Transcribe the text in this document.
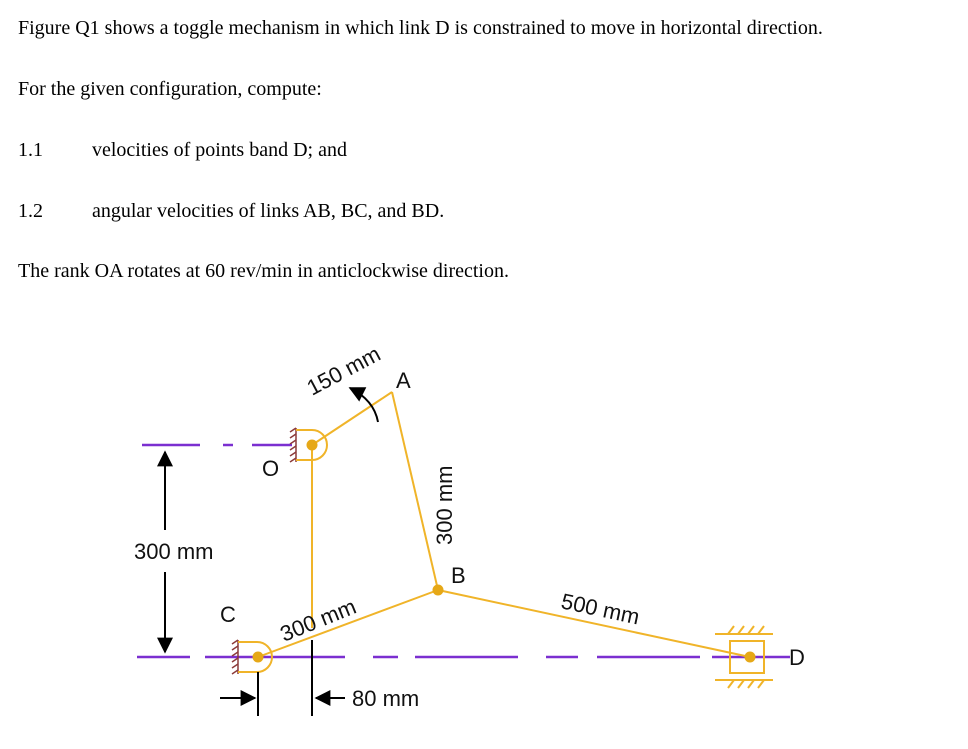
Figure Q1 shows a toggle mechanism in which link D is constrained to move in horizontal direction.
For the given configuration, compute:
1.1 velocities of points band D; and
1.2 angular velocities of links AB, BC, and BD.
The rank OA rotates at 60 rev/min in anticlockwise direction.
O
A
B
C
D
150 mm
300 mm
300 mm	500 mm
300 mm
80 mm
